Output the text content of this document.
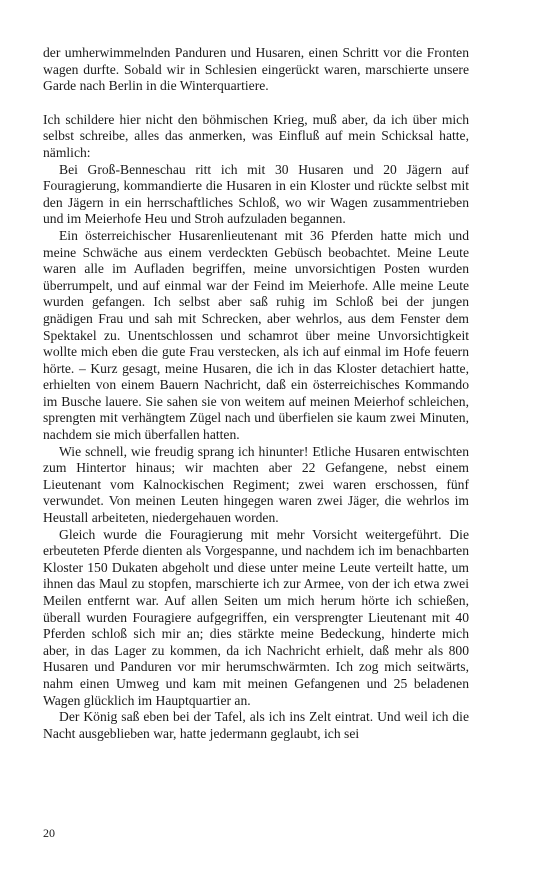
der umherwimmelnden Panduren und Husaren, einen Schritt vor die Fronten wagen durfte. Sobald wir in Schlesien eingerückt waren, marschierte unsere Garde nach Berlin in die Winterquartiere.

Ich schildere hier nicht den böhmischen Krieg, muß aber, da ich über mich selbst schreibe, alles das anmerken, was Einfluß auf mein Schicksal hatte, nämlich:

Bei Groß-Benneschau ritt ich mit 30 Husaren und 20 Jägern auf Fouragierung, kommandierte die Husaren in ein Kloster und rückte selbst mit den Jägern in ein herrschaftliches Schloß, wo wir Wagen zusammentrieben und im Meierhofe Heu und Stroh aufzuladen begannen.

Ein österreichischer Husarenlieutenant mit 36 Pferden hatte mich und meine Schwäche aus einem verdeckten Gebüsch beobachtet. Meine Leute waren alle im Aufladen begriffen, meine unvorsichtigen Posten wurden überrumpelt, und auf einmal war der Feind im Meierhofe. Alle meine Leute wurden gefangen. Ich selbst aber saß ruhig im Schloß bei der jungen gnädigen Frau und sah mit Schrecken, aber wehrlos, aus dem Fenster dem Spektakel zu. Unentschlossen und schamrot über meine Unvorsichtigkeit wollte mich eben die gute Frau verstecken, als ich auf einmal im Hofe feuern hörte. – Kurz gesagt, meine Husaren, die ich in das Kloster detachiert hatte, erhielten von einem Bauern Nachricht, daß ein österreichisches Kommando im Busche lauere. Sie sahen sie von weitem auf meinen Meierhof schleichen, sprengten mit verhängtem Zügel nach und überfielen sie kaum zwei Minuten, nachdem sie mich überfallen hatten.

Wie schnell, wie freudig sprang ich hinunter! Etliche Husaren entwischten zum Hintertor hinaus; wir machten aber 22 Gefangene, nebst einem Lieutenant vom Kalnockischen Regiment; zwei waren erschossen, fünf verwundet. Von meinen Leuten hingegen waren zwei Jäger, die wehrlos im Heustall arbeiteten, niedergehauen worden.

Gleich wurde die Fouragierung mit mehr Vorsicht weitergeführt. Die erbeuteten Pferde dienten als Vorgespanne, und nachdem ich im benachbarten Kloster 150 Dukaten abgeholt und diese unter meine Leute verteilt hatte, um ihnen das Maul zu stopfen, marschierte ich zur Armee, von der ich etwa zwei Meilen entfernt war. Auf allen Seiten um mich herum hörte ich schießen, überall wurden Fouragiere aufgegriffen, ein versprengter Lieutenant mit 40 Pferden schloß sich mir an; dies stärkte meine Bedeckung, hinderte mich aber, in das Lager zu kommen, da ich Nachricht erhielt, daß mehr als 800 Husaren und Panduren vor mir herumschwärmten. Ich zog mich seitwärts, nahm einen Umweg und kam mit meinen Gefangenen und 25 beladenen Wagen glücklich im Hauptquartier an.

Der König saß eben bei der Tafel, als ich ins Zelt eintrat. Und weil ich die Nacht ausgeblieben war, hatte jedermann geglaubt, ich sei

20
